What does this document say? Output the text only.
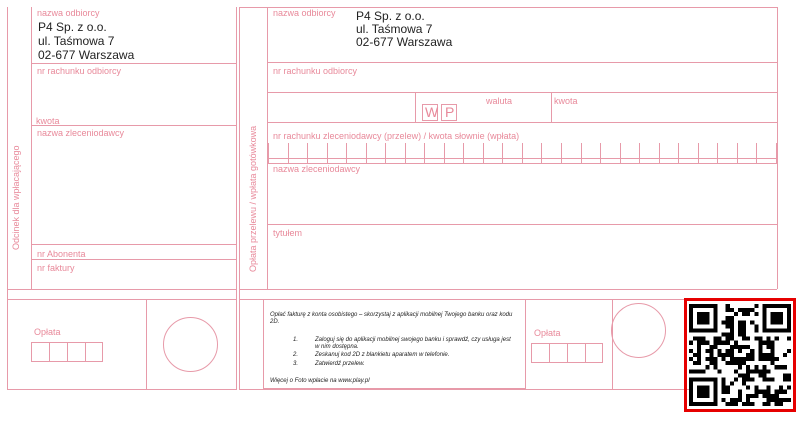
Odcinek dla wpłacającego
nazwa odbiorcy
P4 Sp. z o.o.
ul. Taśmowa 7
02-677 Warszawa
nr rachunku odbiorcy
kwota
nazwa zleceniodawcy
nr Abonenta
nr faktury
Opłata
Opłata przelewu / wpłata gotówkowa
nazwa odbiorcy P4 Sp. z o.o.
ul. Taśmowa 7
02-677 Warszawa
nr rachunku odbiorcy
W P
waluta	kwota
nr rachunku zleceniodawcy (przelew) / kwota słownie (wpłata)
nazwa zleceniodawcy
tytułem
Opłać fakturę z konta osobistego – skorzystaj z aplikacji mobilnej Twojego banku oraz kodu 2D.
1.	Zaloguj się do aplikacji mobilnej swojego banku i sprawdź, czy usługa jest w nim dostępna.
2.	Zeskanuj kod 2D z blankietu aparatem w telefonie.
3.	Zatwierdź przelew.
Więcej o Foto wpłacie na www.play.pl
Opłata
